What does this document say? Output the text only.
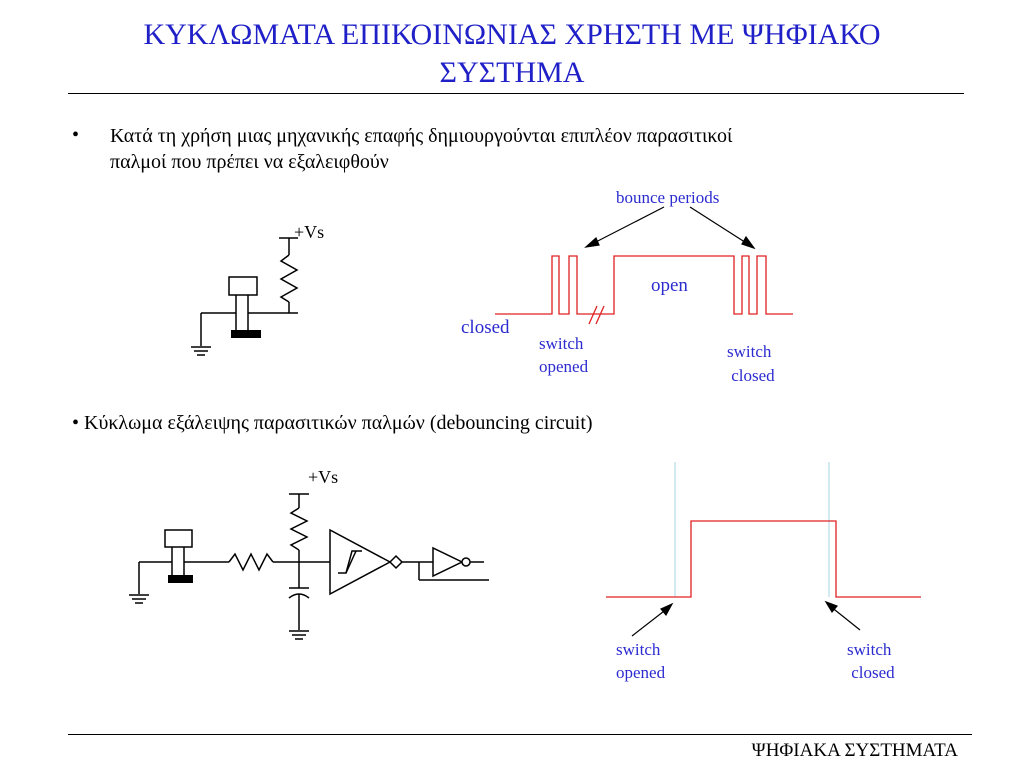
ΚΥΚΛΩΜΑΤΑ ΕΠΙΚΟΙΝΩΝΙΑΣ ΧΡΗΣΤΗ ΜΕ ΨΗΦΙΑΚΟ
ΣΥΣΤΗΜΑ
• Κατά τη χρήση μιας μηχανικής επαφής δημιουργούνται επιπλέον παρασιτικοί
παλμοί που πρέπει να εξαλειφθούν
+Vs
bounce periods
open
closed
switch
opened
switch
closed
• Κύκλωμα εξάλειψης παρασιτικών παλμών (debouncing circuit)
+Vs
switch
opened
switch
closed
ΨΗΦΙΑΚΑ ΣΥΣΤΗΜΑΤΑ
